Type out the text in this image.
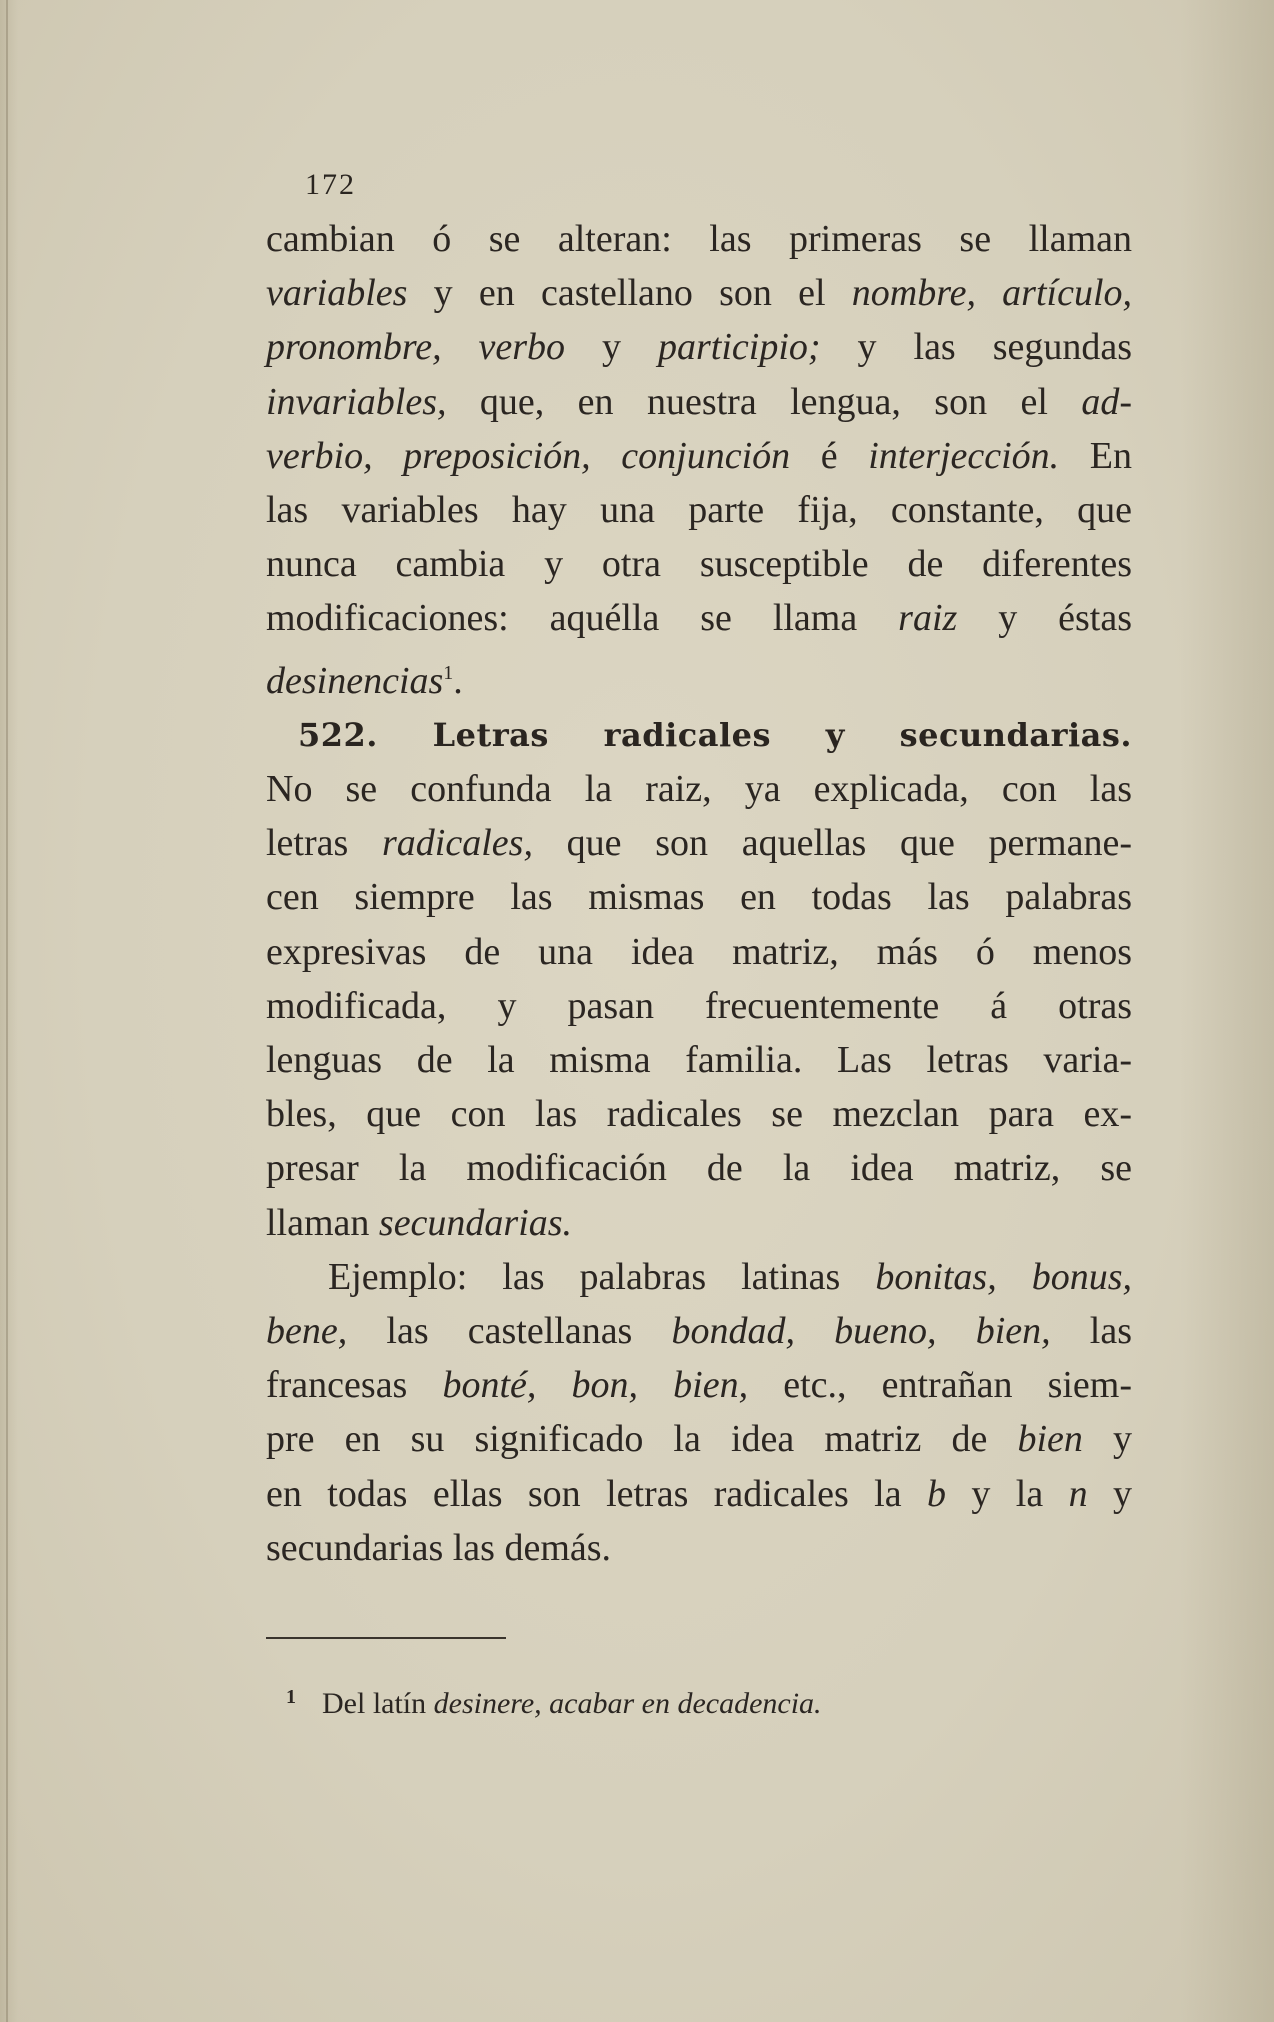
172
cambian ó se alteran: las primeras se llaman
variables y en castellano son el nombre, artículo,
pronombre, verbo y participio; y las segundas
invariables, que, en nuestra lengua, son el ad-
verbio, preposición, conjunción é interjección. En
las variables hay una parte fija, constante, que
nunca cambia y otra susceptible de diferentes
modificaciones: aquélla se llama raiz y éstas
desinencias$^1$.
522. Letras radicales y secundarias.
No se confunda la raiz, ya explicada, con las
letras radicales, que son aquellas que permane-
cen siempre las mismas en todas las palabras
expresivas de una idea matriz, más ó menos
modificada, y pasan frecuentemente á otras
lenguas de la misma familia. Las letras varia-
bles, que con las radicales se mezclan para ex-
presar la modificación de la idea matriz, se
llaman secundarias.
Ejemplo: las palabras latinas bonitas, bonus,
bene, las castellanas bondad, bueno, bien, las
francesas bonté, bon, bien, etc., entrañan siem-
pre en su significado la idea matriz de bien y
en todas ellas son letras radicales la b y la n y
secundarias las demás.
$^1$ Del latín desinere, acabar en decadencia.
